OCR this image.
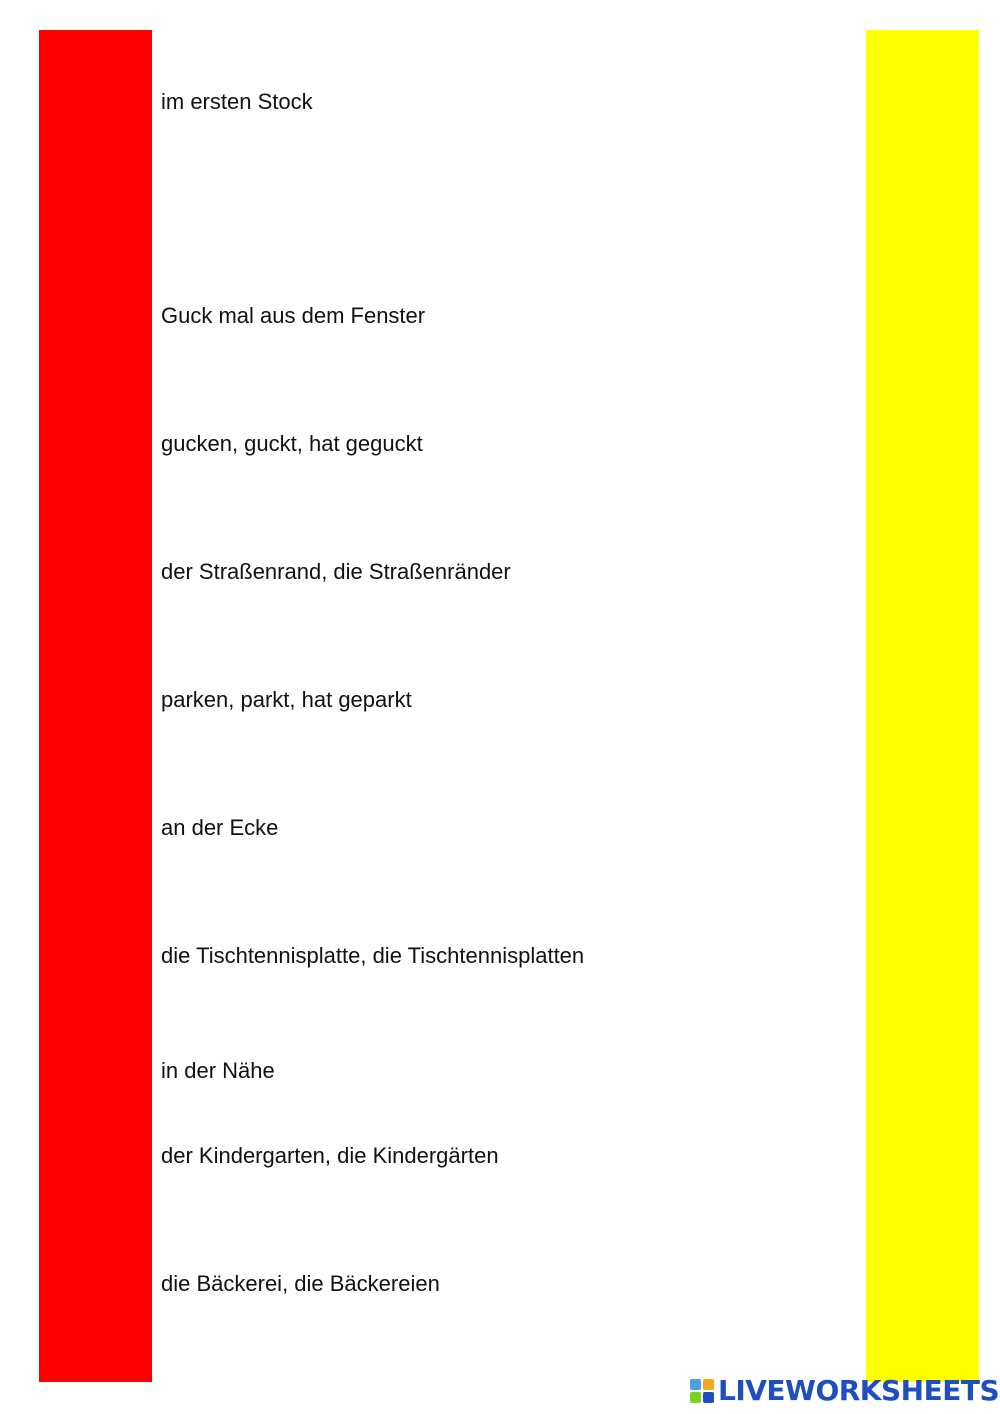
im ersten Stock
Guck mal aus dem Fenster
gucken, guckt, hat geguckt
der Straßenrand, die Straßenränder
parken, parkt, hat geparkt
an der Ecke
die Tischtennisplatte, die Tischtennisplatten
in der Nähe
der Kindergarten, die Kindergärten
die Bäckerei, die Bäckereien
LIVEWORKSHEETS
